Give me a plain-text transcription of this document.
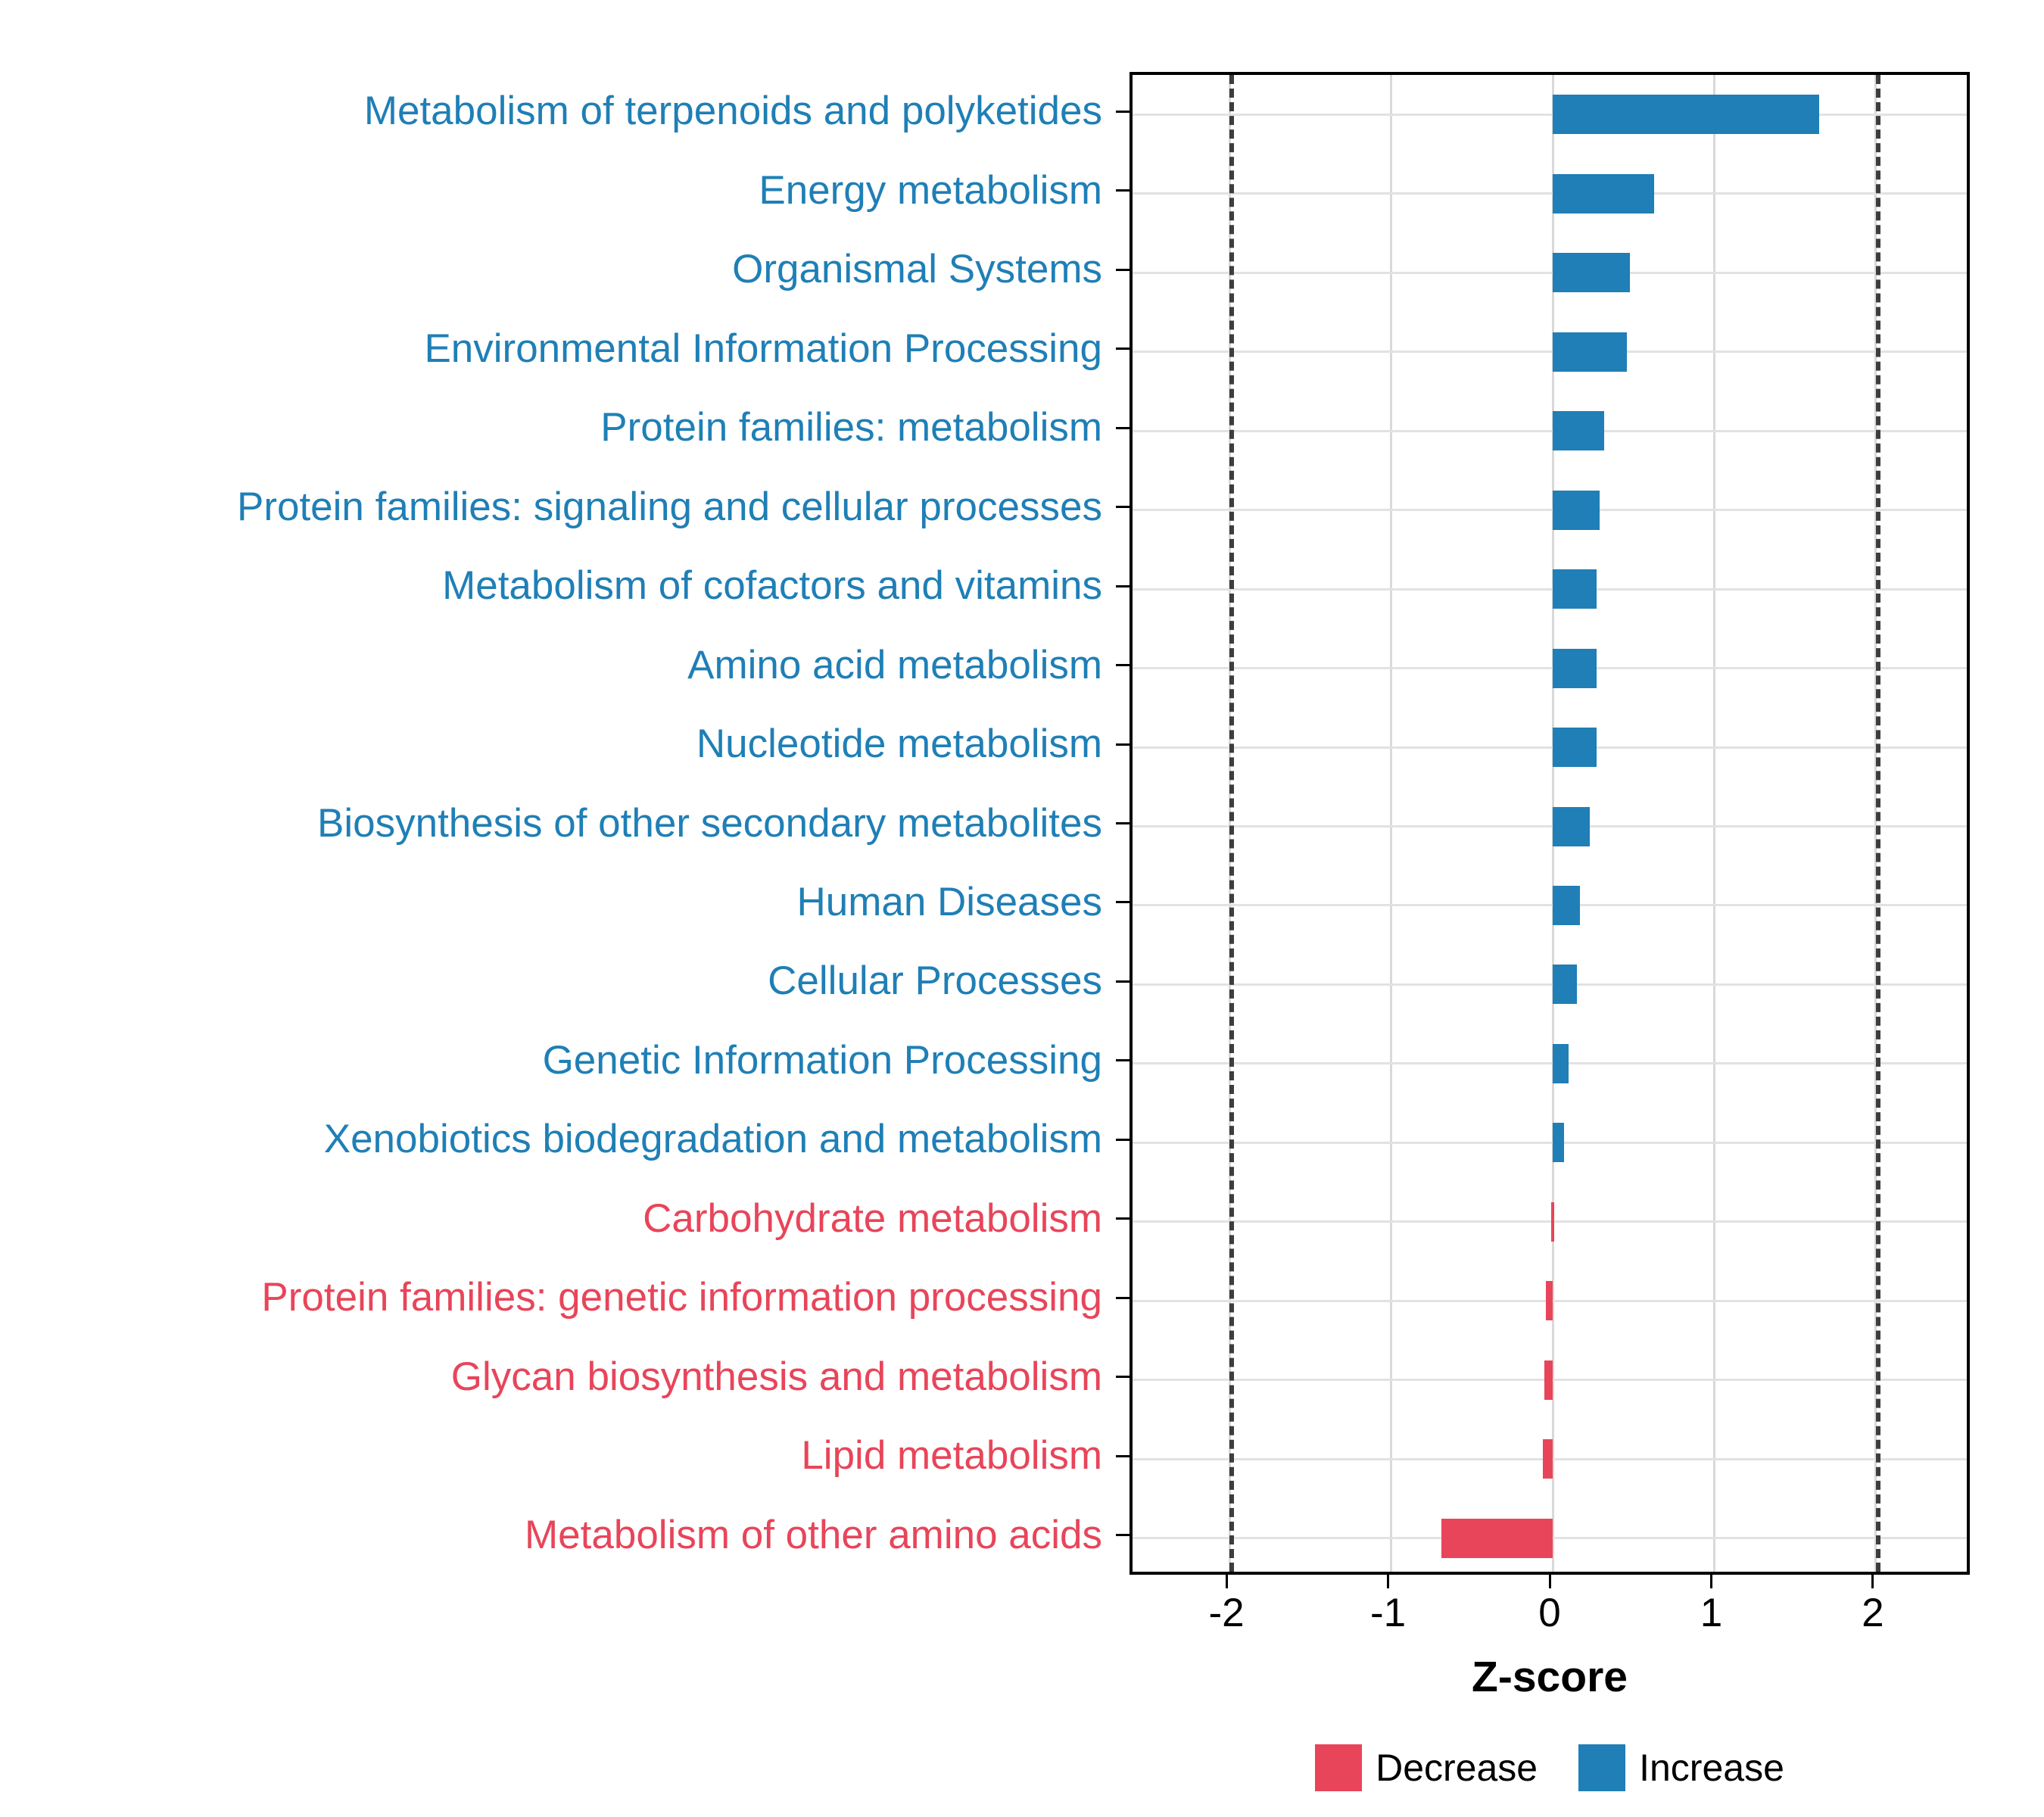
Metabolism of terpenoids and polyketides
Energy metabolism
Organismal Systems
Environmental Information Processing
Protein families: metabolism
Protein families: signaling and cellular processes
Metabolism of cofactors and vitamins
Amino acid metabolism
Nucleotide metabolism
Biosynthesis of other secondary metabolites
Human Diseases
Cellular Processes
Genetic Information Processing
Xenobiotics biodegradation and metabolism
Carbohydrate metabolism
Protein families: genetic information processing
Glycan biosynthesis and metabolism
Lipid metabolism
Metabolism of other amino acids
Z-score
Decrease	Increase
-2	-1	0	1	2
